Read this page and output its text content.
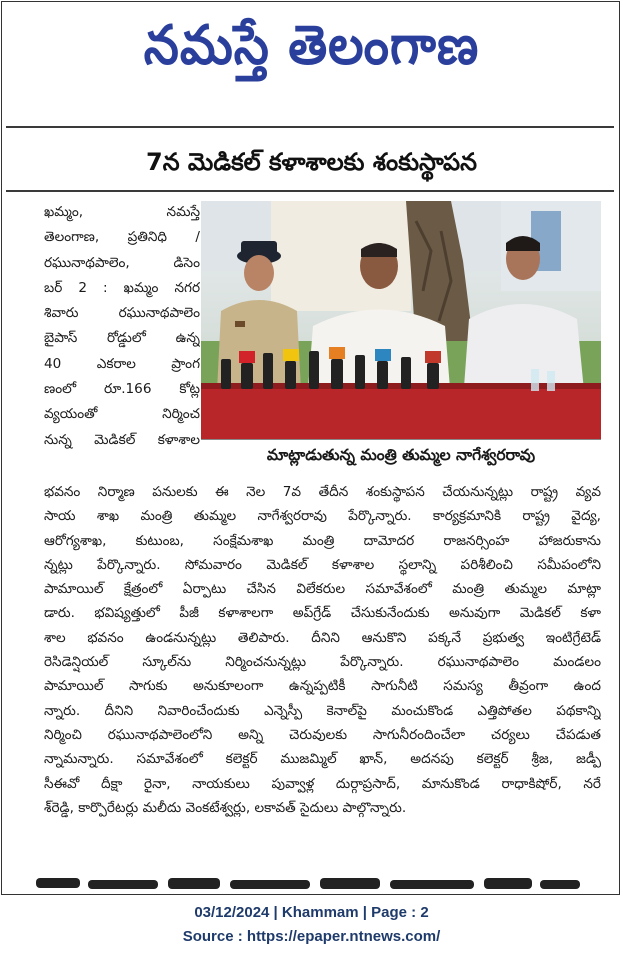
నమస్తే తెలంగాణ
7న మెడికల్ కళాశాలకు శంకుస్థాపన
ఖమ్మం, నమస్తే
తెలంగాణ, ప్రతినిధి /
రఘునాథపాలెం, డిసెం
బర్ 2 : ఖమ్మం నగర
శివారు రఘునాథపాలెం
బైపాస్ రోడ్డులో ఉన్న
40 ఎకరాల ప్రాంగ
ణంలో రూ.166 కోట్ల
వ్యయంతో నిర్మించ
నున్న మెడికల్ కళాశాల
మాట్లాడుతున్న మంత్రి తుమ్మల నాగేశ్వరరావు
భవనం నిర్మాణ పనులకు ఈ నెల 7వ తేదీన శంకుస్థాపన చేయనున్నట్లు రాష్ట్ర వ్యవ
సాయ శాఖ మంత్రి తుమ్మల నాగేశ్వరరావు పేర్కొన్నారు. కార్యక్రమానికి రాష్ట్ర వైద్య,
ఆరోగ్యశాఖ, కుటుంబ, సంక్షేమశాఖ మంత్రి దామోదర రాజనర్సింహ హాజరుకాను
న్నట్లు పేర్కొన్నారు. సోమవారం మెడికల్ కళాశాల స్థలాన్ని పరిశీలించి సమీపంలోని
పామాయిల్ క్షేత్రంలో ఏర్పాటు చేసిన విలేకరుల సమావేశంలో మంత్రి తుమ్మల మాట్లా
డారు. భవిష్యత్తులో పీజీ కళాశాలగా అప్‌గ్రేడ్ చేసుకునేందుకు అనువుగా మెడికల్ కళా
శాల భవనం ఉండనున్నట్లు తెలిపారు. దీనిని ఆనుకొని పక్కనే ప్రభుత్వ ఇంటిగ్రేటెడ్
రెసిడెన్షియల్ స్కూల్‌ను నిర్మించనున్నట్లు పేర్కొన్నారు. రఘునాథపాలెం మండలం
పామాయిల్ సాగుకు అనుకూలంగా ఉన్నప్పటికీ సాగునీటి సమస్య తీవ్రంగా ఉంద
న్నారు. దీనిని నివారించేందుకు ఎన్నెస్పీ కెనాల్‌పై మంచుకొండ ఎత్తిపోతల పథకాన్ని
నిర్మించి రఘునాథపాలెంలోని అన్ని చెరువులకు సాగునీరందించేలా చర్యలు చేపడుత
న్నామన్నారు. సమావేశంలో కలెక్టర్ ముజమ్మిల్ ఖాన్, అదనపు కలెక్టర్ శ్రీజ, జడ్పీ
సీఈవో దీక్షా రైనా, నాయకులు పువ్వాళ్ల దుర్గాప్రసాద్, మానుకొండ రాధాకిషోర్, నరే
శ్‌రెడ్డి, కార్పొరేటర్లు మలీదు వెంకటేశ్వర్లు, లకావత్ సైదులు పాల్గొన్నారు.
03/12/2024 | Khammam | Page : 2
Source : https://epaper.ntnews.com/
